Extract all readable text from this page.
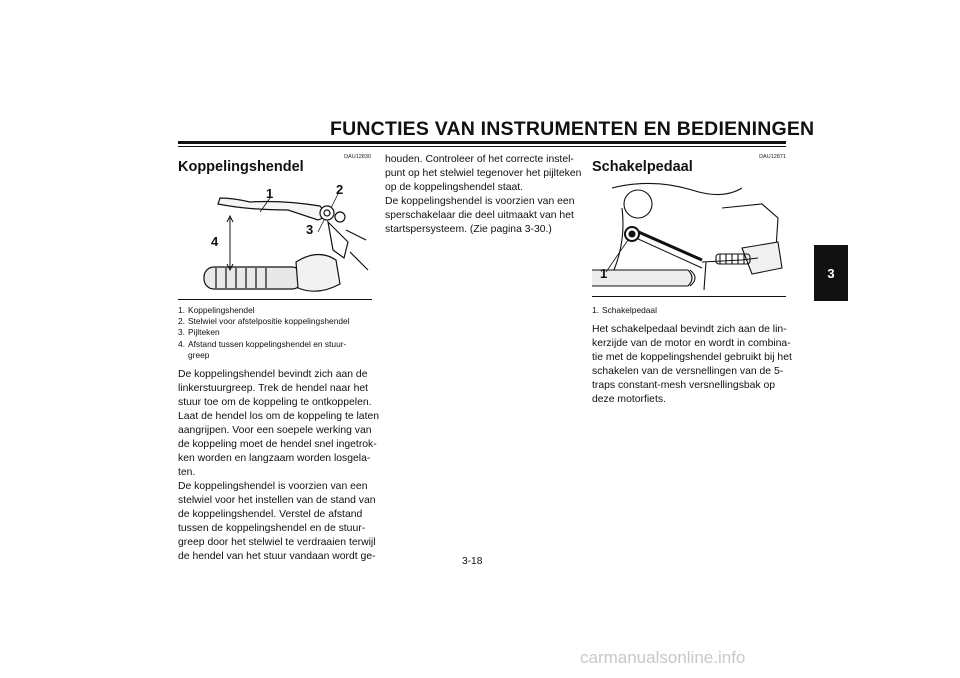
FUNCTIES VAN INSTRUMENTEN EN BEDIENINGEN
3
DAU12830
Koppelingshendel
1	2
3
4
1. Koppelingshendel
2. Stelwiel voor afstelpositie koppelingshendel
3. Pijlteken
4. Afstand tussen koppelingshendel en stuur-
greep

De koppelingshendel bevindt zich aan de

linkerstuurgreep. Trek de hendel naar het

stuur toe om de koppeling te ontkoppelen.

Laat de hendel los om de koppeling te laten

aangrijpen. Voor een soepele werking van

de koppeling moet de hendel snel ingetrok-

ken worden en langzaam worden losgela-

ten.

De koppelingshendel is voorzien van een

stelwiel voor het instellen van de stand van

de koppelingshendel. Verstel de afstand

tussen de koppelingshendel en de stuur-

greep door het stelwiel te verdraaien terwijl

de hendel van het stuur vandaan wordt ge-

houden. Controleer of het correcte instel-

punt op het stelwiel tegenover het pijlteken

op de koppelingshendel staat.

De koppelingshendel is voorzien van een

sperschakelaar die deel uitmaakt van het

startspersysteem. (Zie pagina 3-30.)

DAU12871
Schakelpedaal
1
1. Schakelpedaal

Het schakelpedaal bevindt zich aan de lin-

kerzijde van de motor en wordt in combina-

tie met de koppelingshendel gebruikt bij het

schakelen van de versnellingen van de 5-

traps constant-mesh versnellingsbak op

deze motorfiets.

3-18
carmanualsonline.info
